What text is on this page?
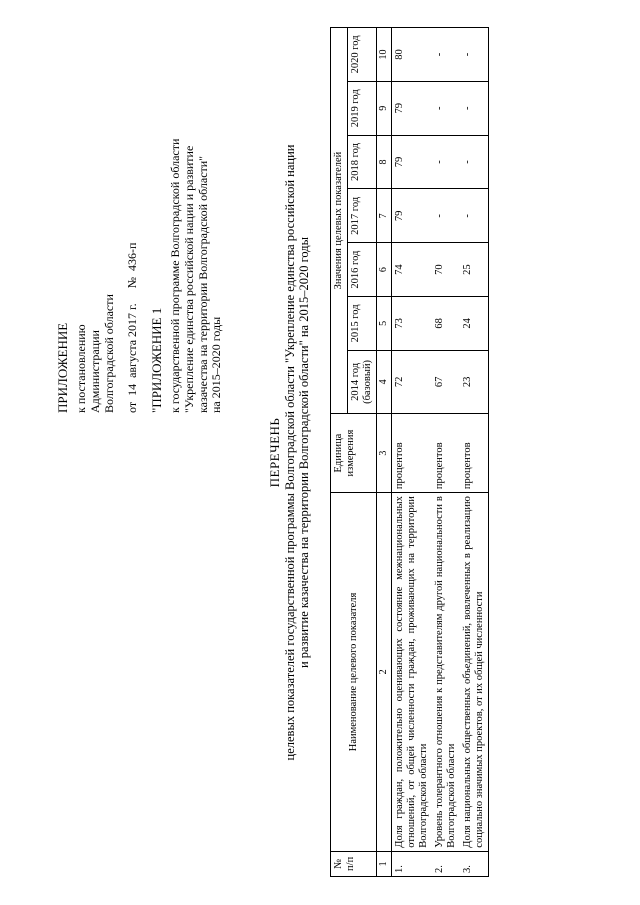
ПРИЛОЖЕНИЕ к постановлению Администрации Волгоградской области от  14  августа 2017 г.     №  436-п "ПРИЛОЖЕНИЕ 1 к государственной программе Волгоградской области "Укрепление единства российской нации и развитие казачества на территории Волгоградской области" на 2015–2020 годы
ПЕРЕЧЕНЬ целевых показателей государственной программы Волгоградской области "Укрепление единства российской нации и развитие казачества на территории Волгоградской области" на 2015–2020 годы
№ п/п	Наименование целевого показателя	Единица измерения	Значения целевых показателей						
			2014 год (базовый)	2015 год	2016 год	2017 год	2018 год	2019 год	2020 год
1	2	3	4	5	6	7	8	9	10
1.	Доля граждан, положительно оценивающих состояние межнациональных отношений, от общей численности граждан, проживающих на территории Волгоградской области	процентов	72	73	74	79	79	79	80
2.	Уровень толерантного отношения к представителям другой национальности в Волгоградской области	процентов	67	68	70	-	-	-	-
3.	Доля национальных общественных объединений, вовлеченных в реализацию социально значимых проектов, от их общей численности	процентов	23	24	25	-	-	-	-
